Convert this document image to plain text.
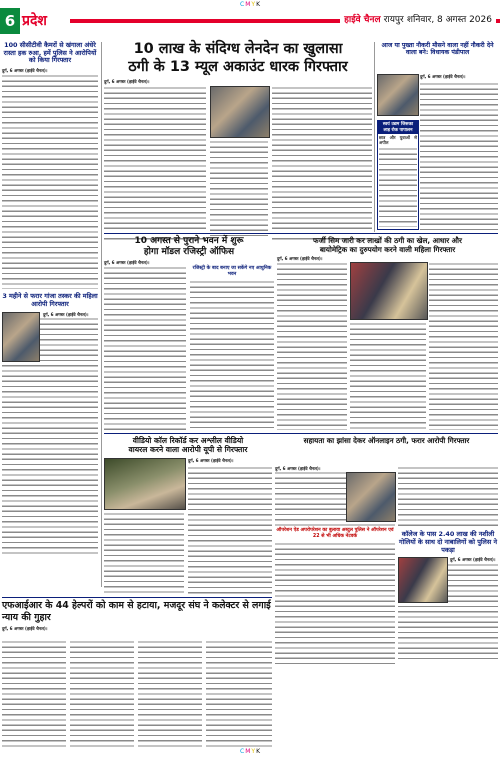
CMYK
6 प्रदेश	हाईवे चैनल रायपुर शनिवार, 8 अगस्त 2026
100 सीसीटीवी कैमरों से खंगाला अंधेरे रास्ता हक रुआ, हमें पुलिस ने आरोपियों को किया गिरफ्तार
दुर्ग, 6 अगस्त (हाईवे चैनल)।
3 महीने से फरार गांजा तस्कर की महिला आरोपी गिरफ्तार
दुर्ग, 6 अगस्त (हाईवे चैनल)।
10 लाख के संदिग्ध लेनदेन का खुलासा
ठगी के 13 म्यूल अकाउंट धारक गिरफ्तार
दुर्ग, 6 अगस्त (हाईवे चैनल)।
आज या पुख्ता नौकरी मौसने वाला नहीं नौकरी देने वाला बने: विधायक पंडीपाल
दुर्ग, 6 अगस्त (हाईवे चैनल)।
स्वयं उद्यम जिसका लाइ रोक पापालन
छात्र और युवाओं से अपील
10 अगस्त से पुराने भवन में शुरू
होगा मॉडल रजिस्ट्री ऑफिस
दुर्ग, 6 अगस्त (हाईवे चैनल)।
रजिस्ट्री के बाद बनाए जा सकेंगे नए आधुनिक भवन
फर्जी सिम जारी कर लाखों की ठगी का खेल, आधार और
बायोमेट्रिक का दुरुपयोग करने वाली महिला गिरफ्तार
दुर्ग, 6 अगस्त (हाईवे चैनल)।
वीडियो कॉल रिकॉर्ड कर अश्लील वीडियो
वायरल करने वाला आरोपी यूपी से गिरफ्तार
दुर्ग, 6 अगस्त (हाईवे चैनल)।
सहायता का झांसा देकर ऑनलाइन ठगी, फरार आरोपी गिरफ्तार
दुर्ग, 6 अगस्त (हाईवे चैनल)।
ऑपरेशन ऐड अपरोपरेशन का बुलावा अब्दुल पुलिस ने ऑपरेशन एवं 22 से भी अधिक नेटवर्क	कॉलेज के पास 2.40 लाख की नशीली गोलियों के साथ दो नाबालिगों को पुलिस ने पकड़ा
दुर्ग, 6 अगस्त (हाईवे चैनल)।
एफआईआर के 44 हेल्परों को काम से हटाया, मजदूर संघ ने कलेक्टर से लगाई न्याय की गुहार
दुर्ग, 6 अगस्त (हाईवे चैनल)।
CMYK
